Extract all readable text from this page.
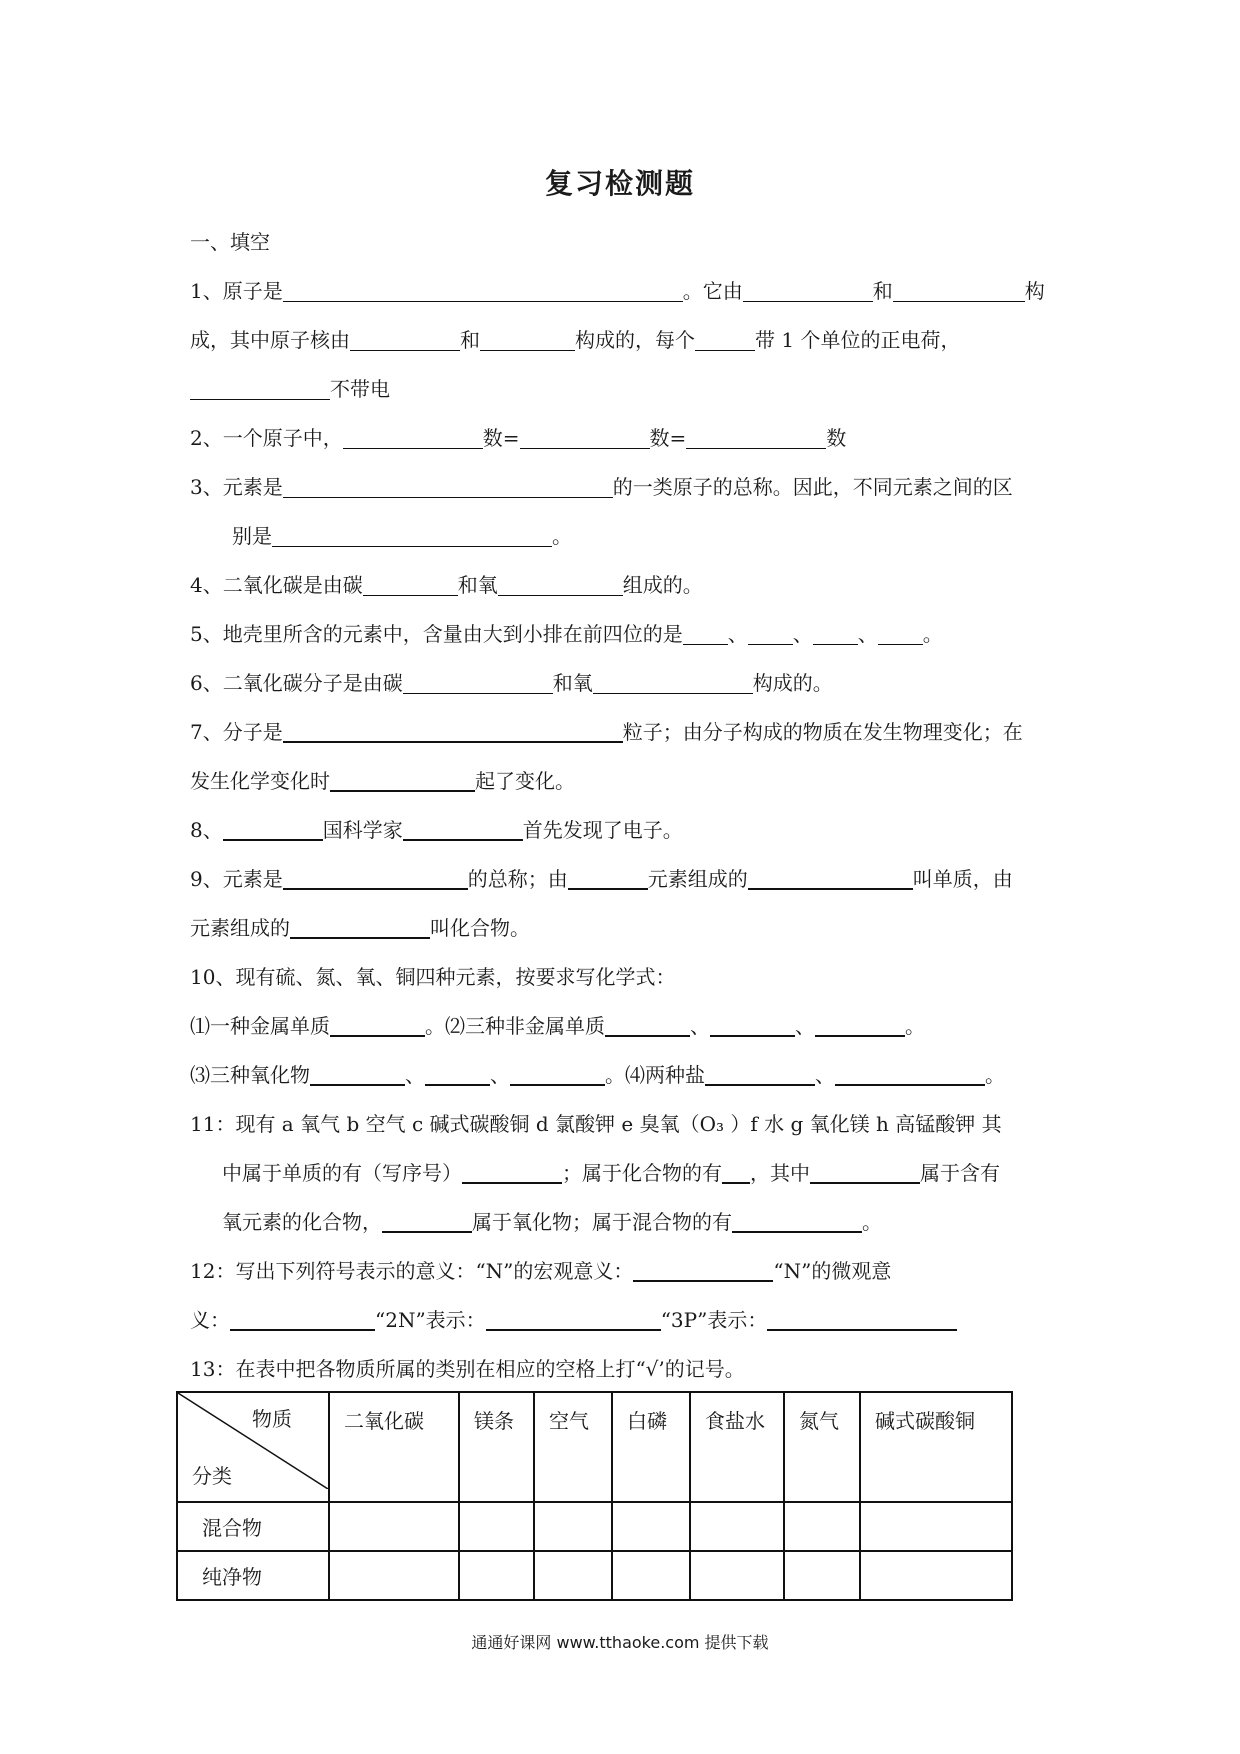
复习检测题
一、填空
1、原子是	。它由	和	构
成，其中原子核由	和	构成的，每个	带 1 个单位的正电荷，
不带电
2、一个原子中，	数=	数=	数
3、元素是	的一类原子的总称。因此，不同元素之间的区
别是	。
4、二氧化碳是由碳	和氧	组成的。
5、地壳里所含的元素中，含量由大到小排在前四位的是 、 、 、 。
6、二氧化碳分子是由碳	和氧	构成的。
7、分子是	粒子；由分子构成的物质在发生物理变化；在
发生化学变化时	起了变化。
8、	国科学家	首先发现了电子。
9、元素是	的总称；由	元素组成的	叫单质，由
元素组成的	叫化合物。
10、现有硫、氮、氧、铜四种元素，按要求写化学式：
⑴一种金属单质	。⑵三种非金属单质	、	、	。
⑶三种氧化物	、	、	。⑷两种盐	、	。
11：现有 a 氧气 b 空气 c 碱式碳酸铜 d 氯酸钾 e 臭氧（O₃ ）f 水 g 氧化镁 h 高锰酸钾 其
中属于单质的有（写序号）	；属于化合物的有 ，其中	属于含有
氧元素的化合物，	属于氧化物；属于混合物的有	。
12：写出下列符号表示的意义：“N”的宏观意义：	“N”的微观意
义：	“2N”表示：	“3P”表示：
13：在表中把各物质所属的类别在相应的空格上打“√’的记号。
物质
分类	二氧化碳	镁条	空气	白磷	食盐水	氮气	碱式碳酸铜
混合物							
纯净物							
通通好课网 www.tthaoke.com 提供下载
